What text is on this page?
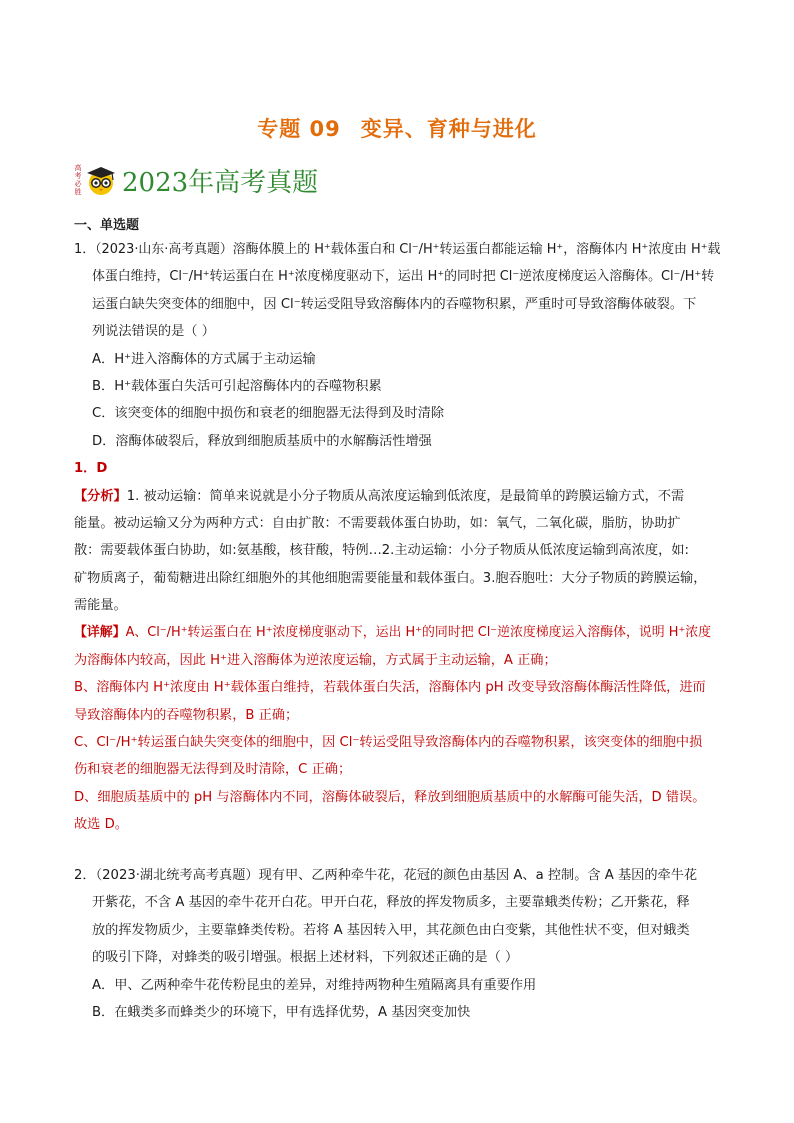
专题 09 变异、育种与进化
高考必胜 2023年高考真题
一、单选题
1．（2023·山东·高考真题）溶酶体膜上的 H⁺载体蛋白和 Cl⁻/H⁺转运蛋白都能运输 H⁺，溶酶体内 H⁺浓度由 H⁺载
体蛋白维持，Cl⁻/H⁺转运蛋白在 H⁺浓度梯度驱动下，运出 H⁺的同时把 Cl⁻逆浓度梯度运入溶酶体。Cl⁻/H⁺转
运蛋白缺失突变体的细胞中，因 Cl⁻转运受阻导致溶酶体内的吞噬物积累，严重时可导致溶酶体破裂。下
列说法错误的是（ ）
A．H⁺进入溶酶体的方式属于主动运输
B．H⁺载体蛋白失活可引起溶酶体内的吞噬物积累
C．该突变体的细胞中损伤和衰老的细胞器无法得到及时清除
D．溶酶体破裂后，释放到细胞质基质中的水解酶活性增强
1．D
【分析】1. 被动运输：简单来说就是小分子物质从高浓度运输到低浓度，是最简单的跨膜运输方式，不需
能量。被动运输又分为两种方式：自由扩散：不需要载体蛋白协助，如：氧气，二氧化碳，脂肪，协助扩
散：需要载体蛋白协助，如:氨基酸，核苷酸，特例…2.主动运输：小分子物质从低浓度运输到高浓度，如:
矿物质离子，葡萄糖进出除红细胞外的其他细胞需要能量和载体蛋白。3.胞吞胞吐：大分子物质的跨膜运输，
需能量。
【详解】A、Cl⁻/H⁺转运蛋白在 H⁺浓度梯度驱动下，运出 H⁺的同时把 Cl⁻逆浓度梯度运入溶酶体，说明 H⁺浓度
为溶酶体内较高，因此 H⁺进入溶酶体为逆浓度运输，方式属于主动运输，A 正确；
B、溶酶体内 H⁺浓度由 H⁺载体蛋白维持，若载体蛋白失活，溶酶体内 pH 改变导致溶酶体酶活性降低，进而
导致溶酶体内的吞噬物积累，B 正确；
C、Cl⁻/H⁺转运蛋白缺失突变体的细胞中，因 Cl⁻转运受阻导致溶酶体内的吞噬物积累，该突变体的细胞中损
伤和衰老的细胞器无法得到及时清除，C 正确；
D、细胞质基质中的 pH 与溶酶体内不同，溶酶体破裂后，释放到细胞质基质中的水解酶可能失活，D 错误。
故选 D。
2．（2023·湖北统考高考真题）现有甲、乙两种牵牛花，花冠的颜色由基因 A、a 控制。含 A 基因的牵牛花
开紫花，不含 A 基因的牵牛花开白花。甲开白花，释放的挥发物质多，主要靠蛾类传粉；乙开紫花，释
放的挥发物质少，主要靠蜂类传粉。若将 A 基因转入甲，其花颜色由白变紫，其他性状不变，但对蛾类
的吸引下降，对蜂类的吸引增强。根据上述材料，下列叙述正确的是（ ）
A．甲、乙两种牵牛花传粉昆虫的差异，对维持两物种生殖隔离具有重要作用
B．在蛾类多而蜂类少的环境下，甲有选择优势，A 基因突变加快
